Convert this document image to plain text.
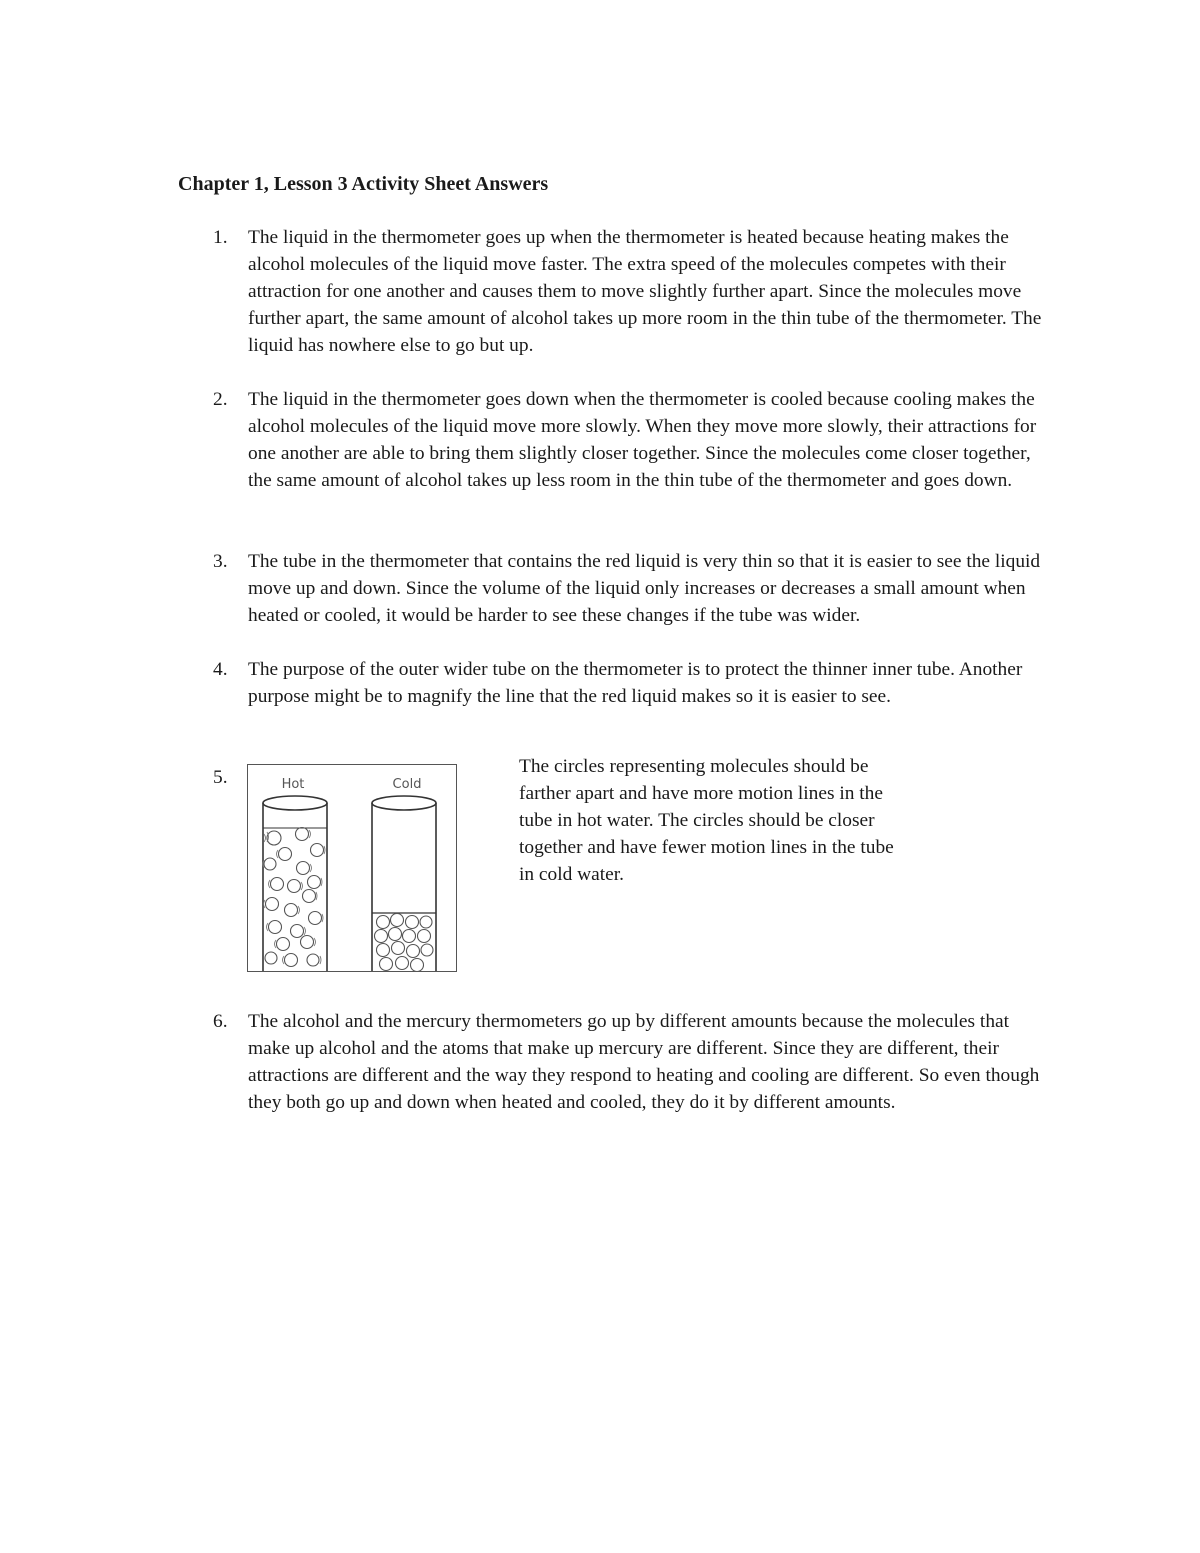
Chapter 1, Lesson 3 Activity Sheet Answers
1.	The liquid in the thermometer goes up when the thermometer is heated because heating makes the alcohol molecules of the liquid move faster. The extra speed of the molecules competes with their attraction for one another and causes them to move slightly further apart. Since the molecules move further apart, the same amount of alcohol takes up more room in the thin tube of the thermometer. The liquid has nowhere else to go but up.
2.	The liquid in the thermometer goes down when the thermometer is cooled because cooling makes the alcohol molecules of the liquid move more slowly. When they move more slowly, their attractions for one another are able to bring them slightly closer together. Since the molecules come closer together, the same amount of alcohol takes up less room in the thin tube of the thermometer and goes down.
3.	The tube in the thermometer that contains the red liquid is very thin so that it is easier to see the liquid move up and down. Since the volume of the liquid only increases or decreases a small amount when heated or cooled, it would be harder to see these changes if the tube was wider.
4.	The purpose of the outer wider tube on the thermometer is to protect the thinner inner tube. Another purpose might be to magnify the line that the red liquid makes so it is easier to see.
5.	Hot	Cold
The circles representing molecules should be farther apart and have more motion lines in the tube in hot water. The circles should be closer together and have fewer motion lines in the tube in cold water.
6.	The alcohol and the mercury thermometers go up by different amounts because the molecules that make up alcohol and the atoms that make up mercury are different. Since they are different, their attractions are different and the way they respond to heating and cooling are different. So even though they both go up and down when heated and cooled, they do it by different amounts.
